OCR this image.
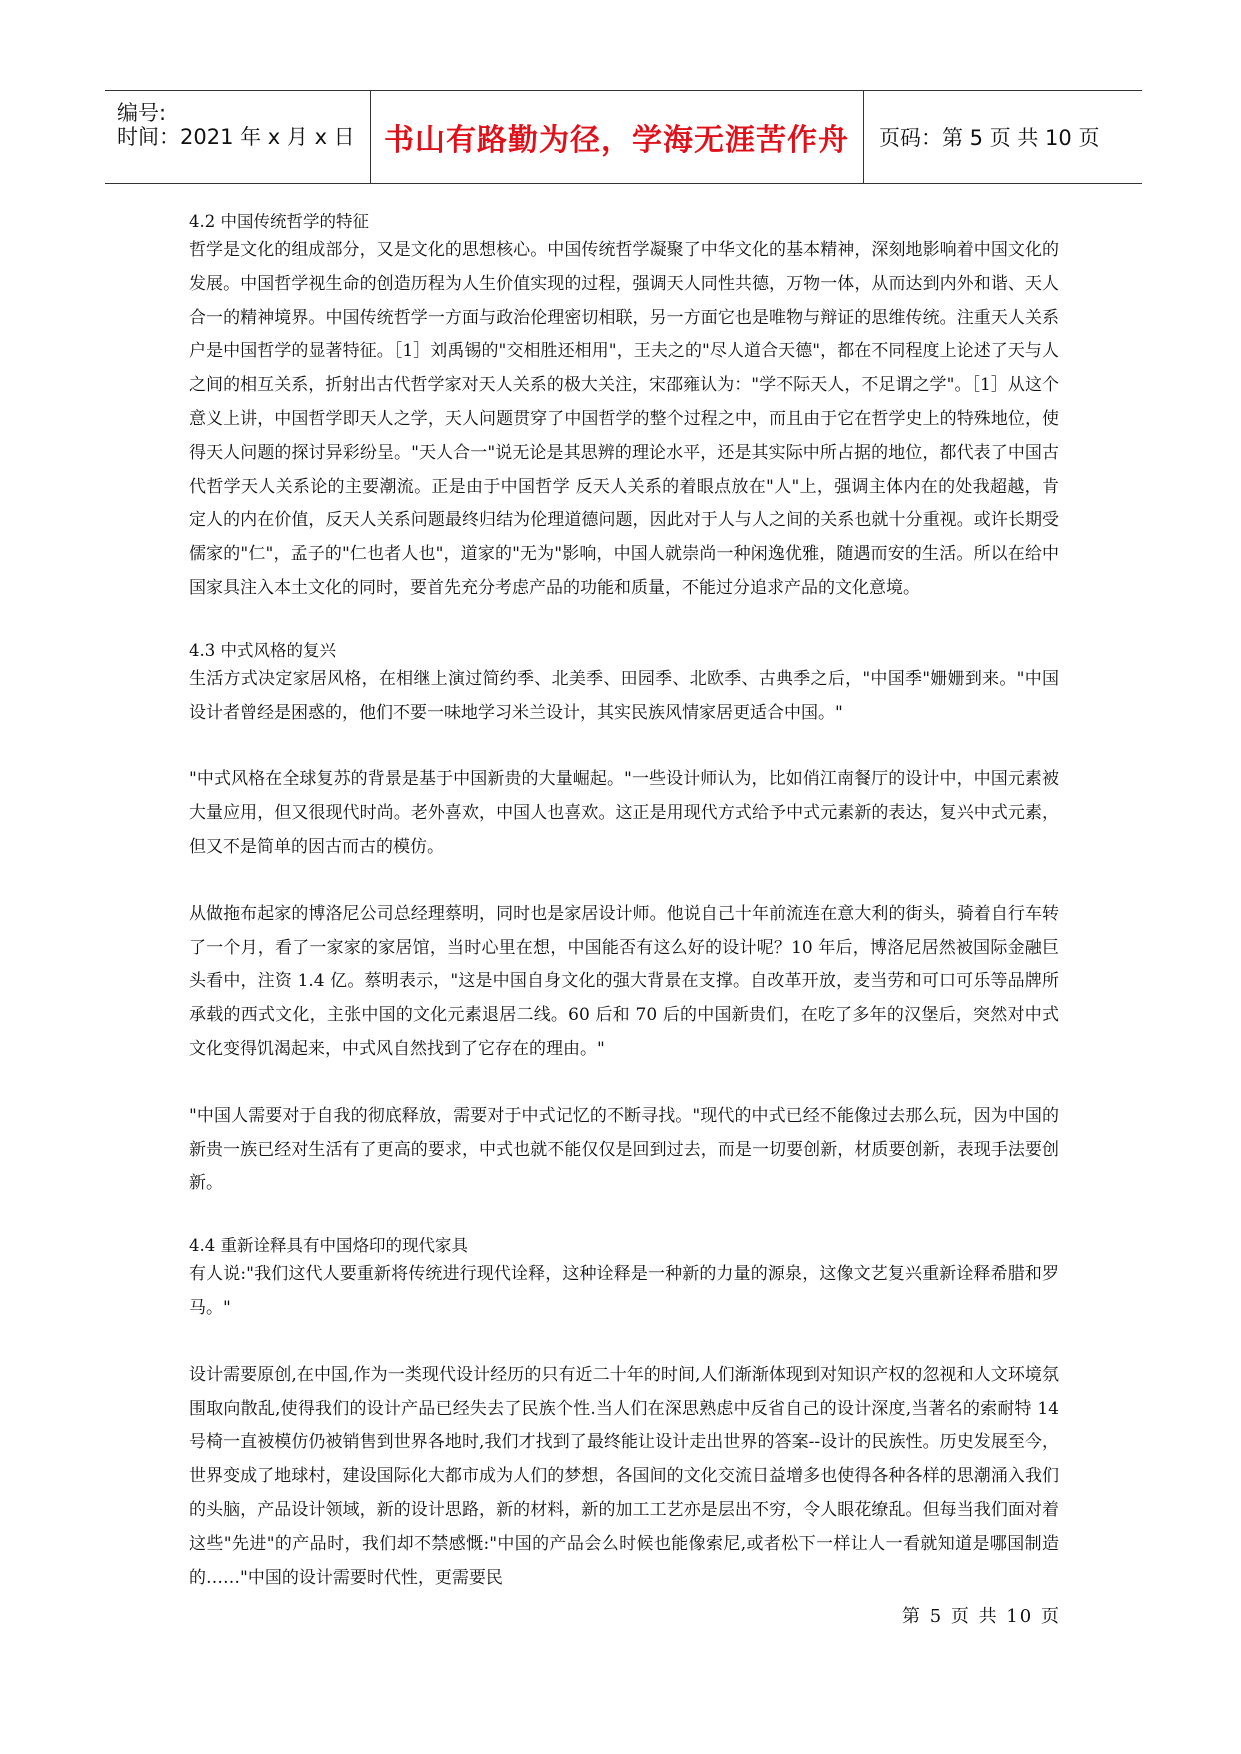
编号:
时间：2021 年 x 月 x 日 书山有路勤为径，学海无涯苦作舟 页码：第 5 页 共 10 页
4.2 中国传统哲学的特征

哲学是文化的组成部分，又是文化的思想核心。中国传统哲学凝聚了中华文化的基本精神，深刻地影响着中国文化的发展。中国哲学视生命的创造历程为人生价值实现的过程，强调天人同性共德，万物一体，从而达到内外和谐、天人合一的精神境界。中国传统哲学一方面与政治伦理密切相联，另一方面它也是唯物与辩证的思维传统。注重天人关系户是中国哲学的显著特征。［1］刘禹锡的"交相胜还相用"，王夫之的"尽人道合天德"，都在不同程度上论述了天与人之间的相互关系，折射出古代哲学家对天人关系的极大关注，宋邵雍认为："学不际天人，不足谓之学"。［1］从这个意义上讲，中国哲学即天人之学，天人问题贯穿了中国哲学的整个过程之中，而且由于它在哲学史上的特殊地位，使得天人问题的探讨异彩纷呈。"天人合一"说无论是其思辨的理论水平，还是其实际中所占据的地位，都代表了中国古代哲学天人关系论的主要潮流。正是由于中国哲学 反天人关系的着眼点放在"人"上，强调主体内在的处我超越，肯定人的内在价值，反天人关系问题最终归结为伦理道德问题，因此对于人与人之间的关系也就十分重视。或许长期受儒家的"仁"，孟子的"仁也者人也"，道家的"无为"影响，中国人就崇尚一种闲逸优雅，随遇而安的生活。所以在给中国家具注入本土文化的同时，要首先充分考虑产品的功能和质量，不能过分追求产品的文化意境。

4.3 中式风格的复兴

生活方式决定家居风格，在相继上演过简约季、北美季、田园季、北欧季、古典季之后，"中国季"姗姗到来。"中国设计者曾经是困惑的，他们不要一味地学习米兰设计，其实民族风情家居更适合中国。"

"中式风格在全球复苏的背景是基于中国新贵的大量崛起。"一些设计师认为，比如俏江南餐厅的设计中，中国元素被大量应用，但又很现代时尚。老外喜欢，中国人也喜欢。这正是用现代方式给予中式元素新的表达，复兴中式元素，但又不是简单的因古而古的模仿。

从做拖布起家的博洛尼公司总经理蔡明，同时也是家居设计师。他说自己十年前流连在意大利的街头，骑着自行车转了一个月，看了一家家的家居馆，当时心里在想，中国能否有这么好的设计呢？10 年后，博洛尼居然被国际金融巨头看中，注资 1.4 亿。蔡明表示，"这是中国自身文化的强大背景在支撑。自改革开放，麦当劳和可口可乐等品牌所承载的西式文化，主张中国的文化元素退居二线。60 后和 70 后的中国新贵们，在吃了多年的汉堡后，突然对中式文化变得饥渴起来，中式风自然找到了它存在的理由。"

"中国人需要对于自我的彻底释放，需要对于中式记忆的不断寻找。"现代的中式已经不能像过去那么玩，因为中国的新贵一族已经对生活有了更高的要求，中式也就不能仅仅是回到过去，而是一切要创新，材质要创新，表现手法要创新。

4.4 重新诠释具有中国烙印的现代家具

有人说:"我们这代人要重新将传统进行现代诠释，这种诠释是一种新的力量的源泉，这像文艺复兴重新诠释希腊和罗马。"

设计需要原创,在中国,作为一类现代设计经历的只有近二十年的时间,人们渐渐体现到对知识产权的忽视和人文环境氛围取向散乱,使得我们的设计产品已经失去了民族个性.当人们在深思熟虑中反省自己的设计深度,当著名的索耐特 14 号椅一直被模仿仍被销售到世界各地时,我们才找到了最终能让设计走出世界的答案--设计的民族性。历史发展至今，世界变成了地球村，建设国际化大都市成为人们的梦想，各国间的文化交流日益增多也使得各种各样的思潮涌入我们的头脑，产品设计领域，新的设计思路，新的材料，新的加工工艺亦是层出不穷，令人眼花缭乱。但每当我们面对着这些"先进"的产品时，我们却不禁感慨:"中国的产品会么时候也能像索尼,或者松下一样让人一看就知道是哪国制造的……"中国的设计需要时代性，更需要民

第 5 页 共 10 页
